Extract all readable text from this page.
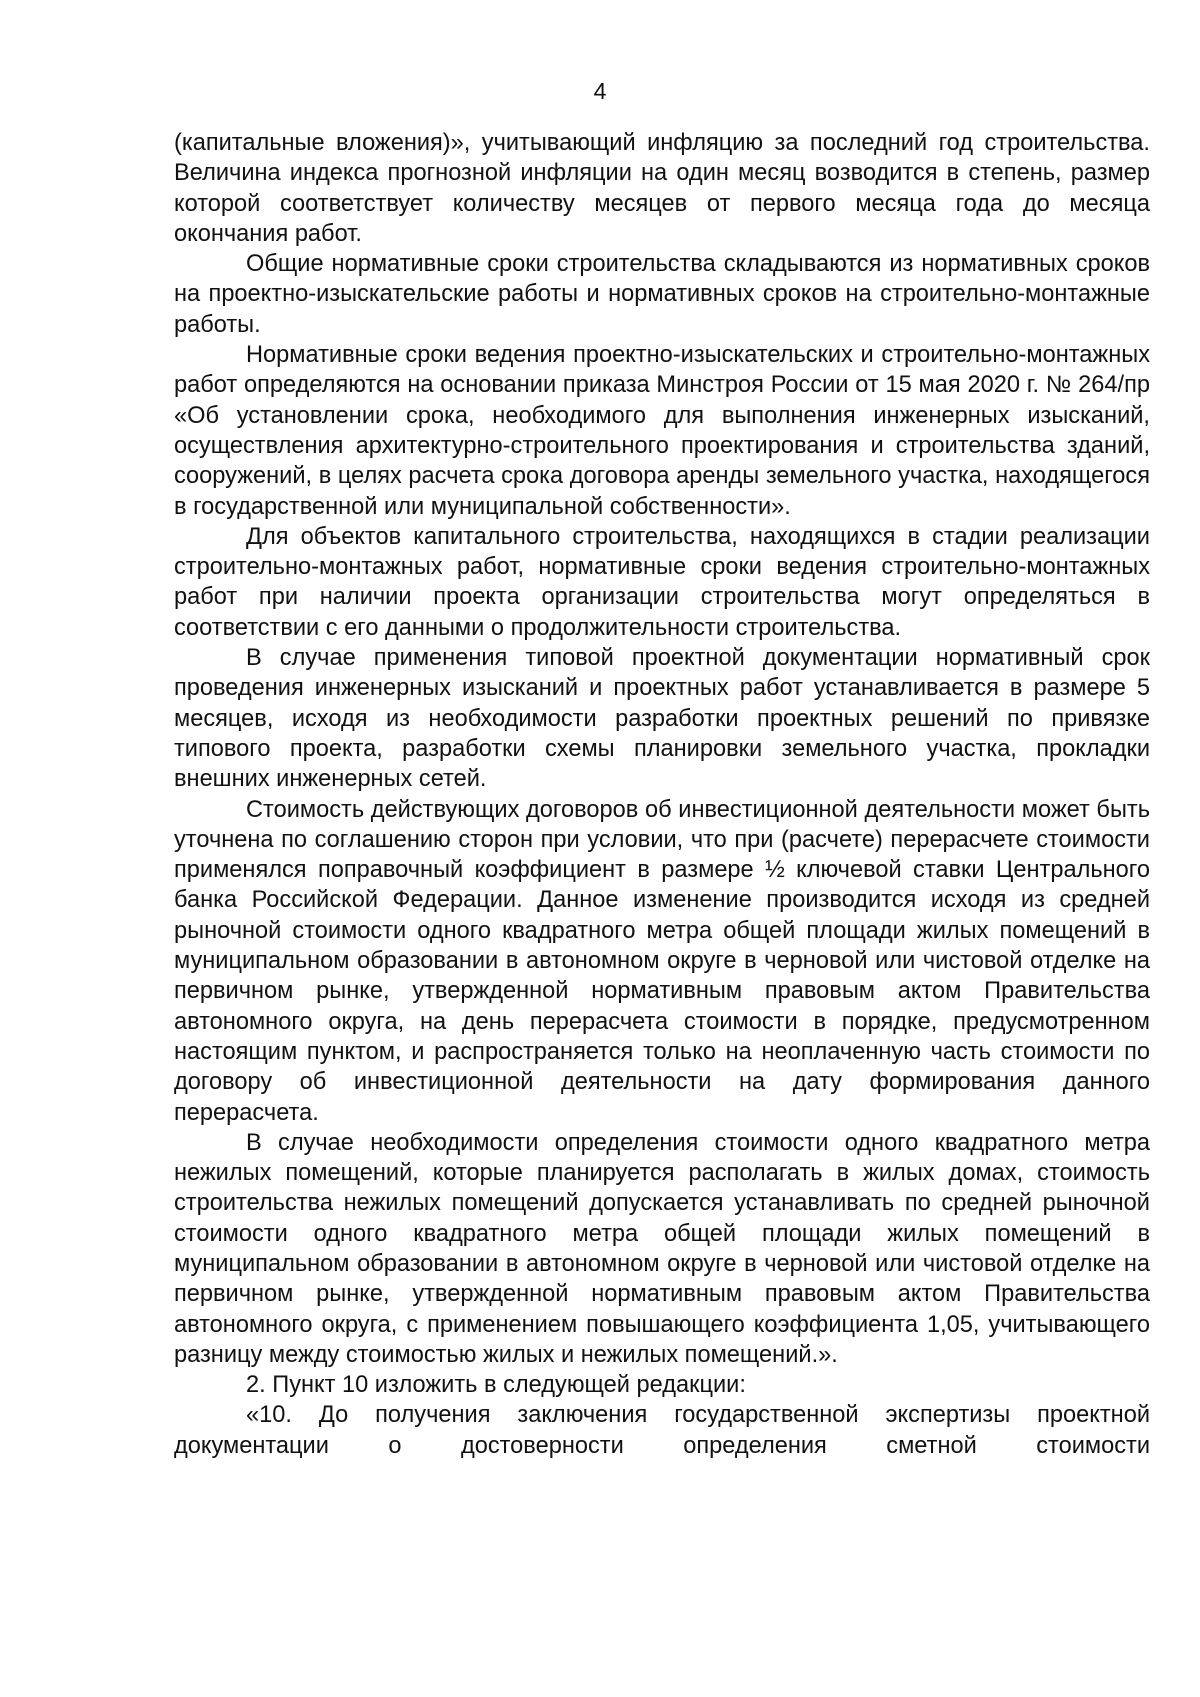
4

(капитальные вложения)», учитывающий инфляцию за последний год строительства. Величина индекса прогнозной инфляции на один месяц возводится в степень, размер которой соответствует количеству месяцев от первого месяца года до месяца окончания работ.

Общие нормативные сроки строительства складываются из нормативных сроков на проектно-изыскательские работы и нормативных сроков на строительно-монтажные работы.

Нормативные сроки ведения проектно-изыскательских и строительно-монтажных работ определяются на основании приказа Минстроя России от 15 мая 2020 г. № 264/пр «Об установлении срока, необходимого для выполнения инженерных изысканий, осуществления архитектурно-строительного проектирования и строительства зданий, сооружений, в целях расчета срока договора аренды земельного участка, находящегося в государственной или муниципальной собственности».

Для объектов капитального строительства, находящихся в стадии реализации строительно-монтажных работ, нормативные сроки ведения строительно-монтажных работ при наличии проекта организации строительства могут определяться в соответствии с его данными о продолжительности строительства.

В случае применения типовой проектной документации нормативный срок проведения инженерных изысканий и проектных работ устанавливается в размере 5 месяцев, исходя из необходимости разработки проектных решений по привязке типового проекта, разработки схемы планировки земельного участка, прокладки внешних инженерных сетей.

Стоимость действующих договоров об инвестиционной деятельности может быть уточнена по соглашению сторон при условии, что при (расчете) перерасчете стоимости применялся поправочный коэффициент в размере ½ ключевой ставки Центрального банка Российской Федерации. Данное изменение производится исходя из средней рыночной стоимости одного квадратного метра общей площади жилых помещений в муниципальном образовании в автономном округе в черновой или чистовой отделке на первичном рынке, утвержденной нормативным правовым актом Правительства автономного округа, на день перерасчета стоимости в порядке, предусмотренном настоящим пунктом, и распространяется только на неоплаченную часть стоимости по договору об инвестиционной деятельности на дату формирования данного перерасчета.

В случае необходимости определения стоимости одного квадратного метра нежилых помещений, которые планируется располагать в жилых домах, стоимость строительства нежилых помещений допускается устанавливать по средней рыночной стоимости одного квадратного метра общей площади жилых помещений в муниципальном образовании в автономном округе в черновой или чистовой отделке на первичном рынке, утвержденной нормативным правовым актом Правительства автономного округа, с применением повышающего коэффициента 1,05, учитывающего разницу между стоимостью жилых и нежилых помещений.».

2. Пункт 10 изложить в следующей редакции:

«10. До получения заключения государственной экспертизы проектной документации о достоверности определения сметной стоимости
